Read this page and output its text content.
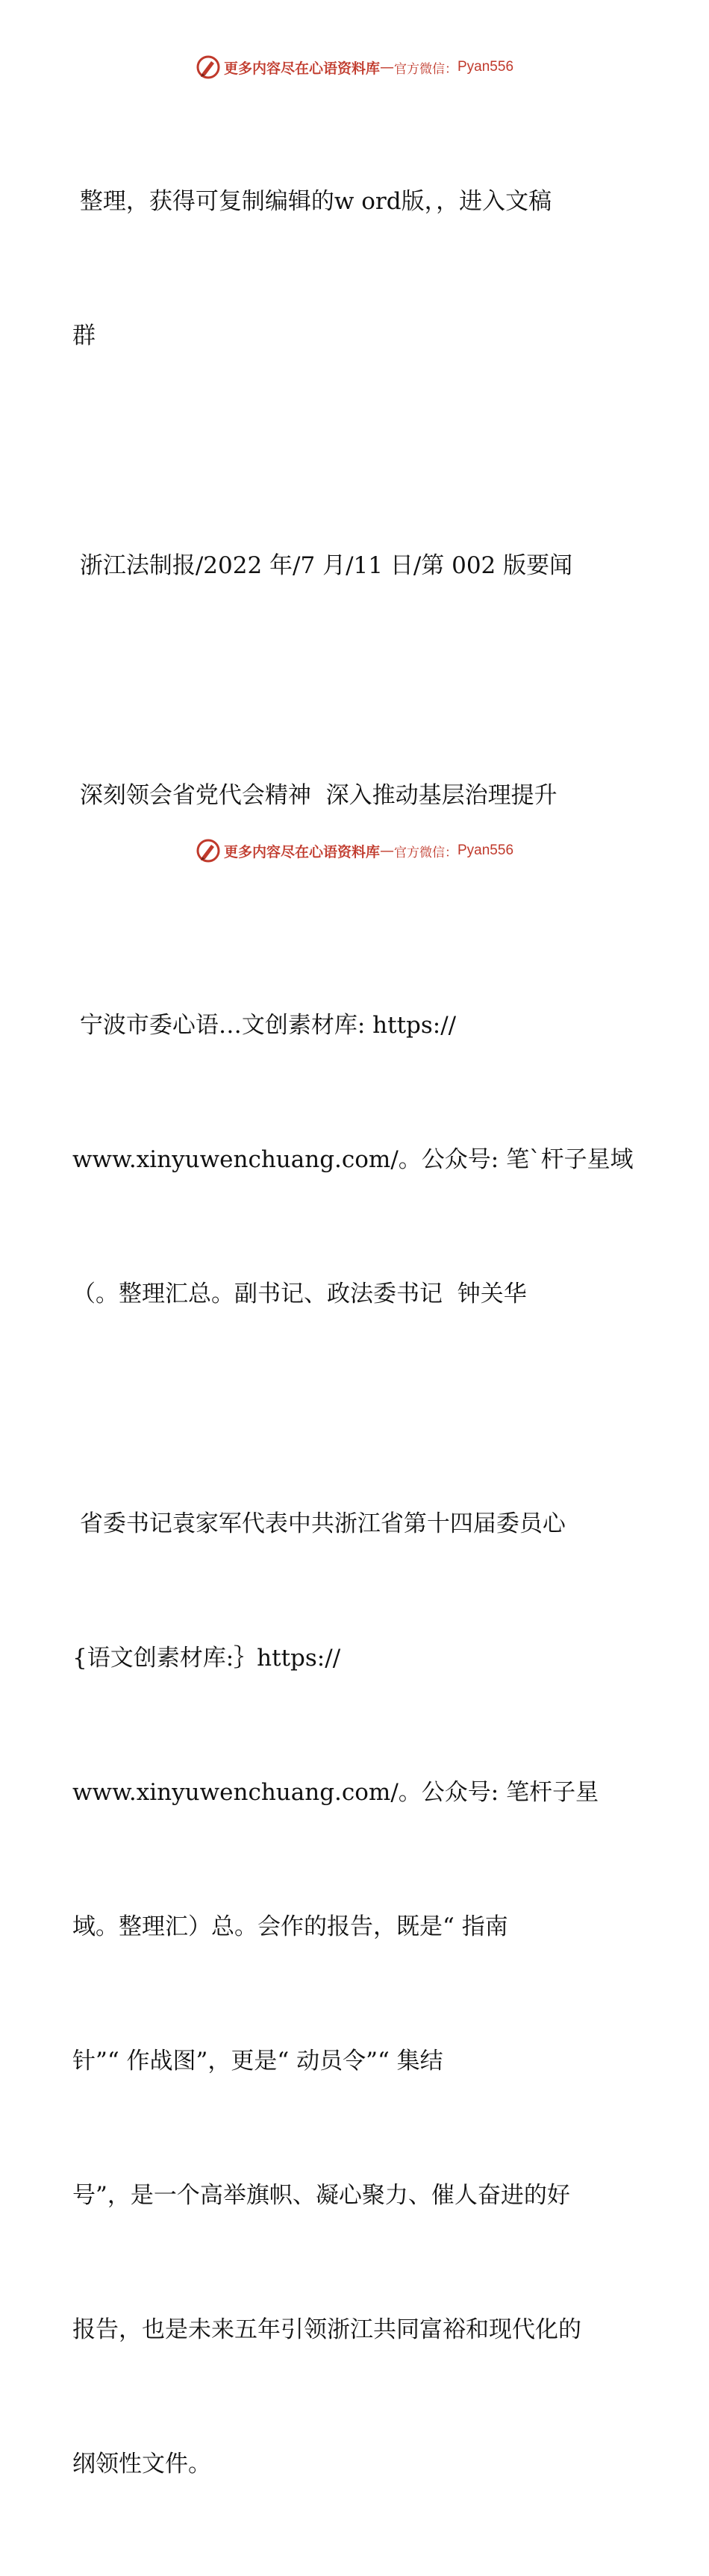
更多内容尽在心语资料库 — 官方微信： Pyan556

整理，获得可复制编辑的w ord版，，进入文稿

群

浙江法制报/2022 年/7 月/11 日/第 002 版要闻

深刻领会省党代会精神  深入推动基层治理提升

宁波市委心语…文创素材库: https://

www.xinyuwenchuang.com/。公众号: 笔`杆子星域

（。整理汇总。副书记、政法委书记  钟关华

省委书记袁家军代表中共浙江省第十四届委员心

{语文创素材库:｝https://

www.xinyuwenchuang.com/。公众号: 笔杆子星

域。整理汇）总。会作的报告，既是“ 指南

针”“ 作战图”，更是“ 动员令”“ 集结

号”，是一个高举旗帜、凝心聚力、催人奋进的好

报告，也是未来五年引领浙江共同富裕和现代化的

纲领性文件。

更多内容尽在心语资料库 — 官方微信： Pyan556
